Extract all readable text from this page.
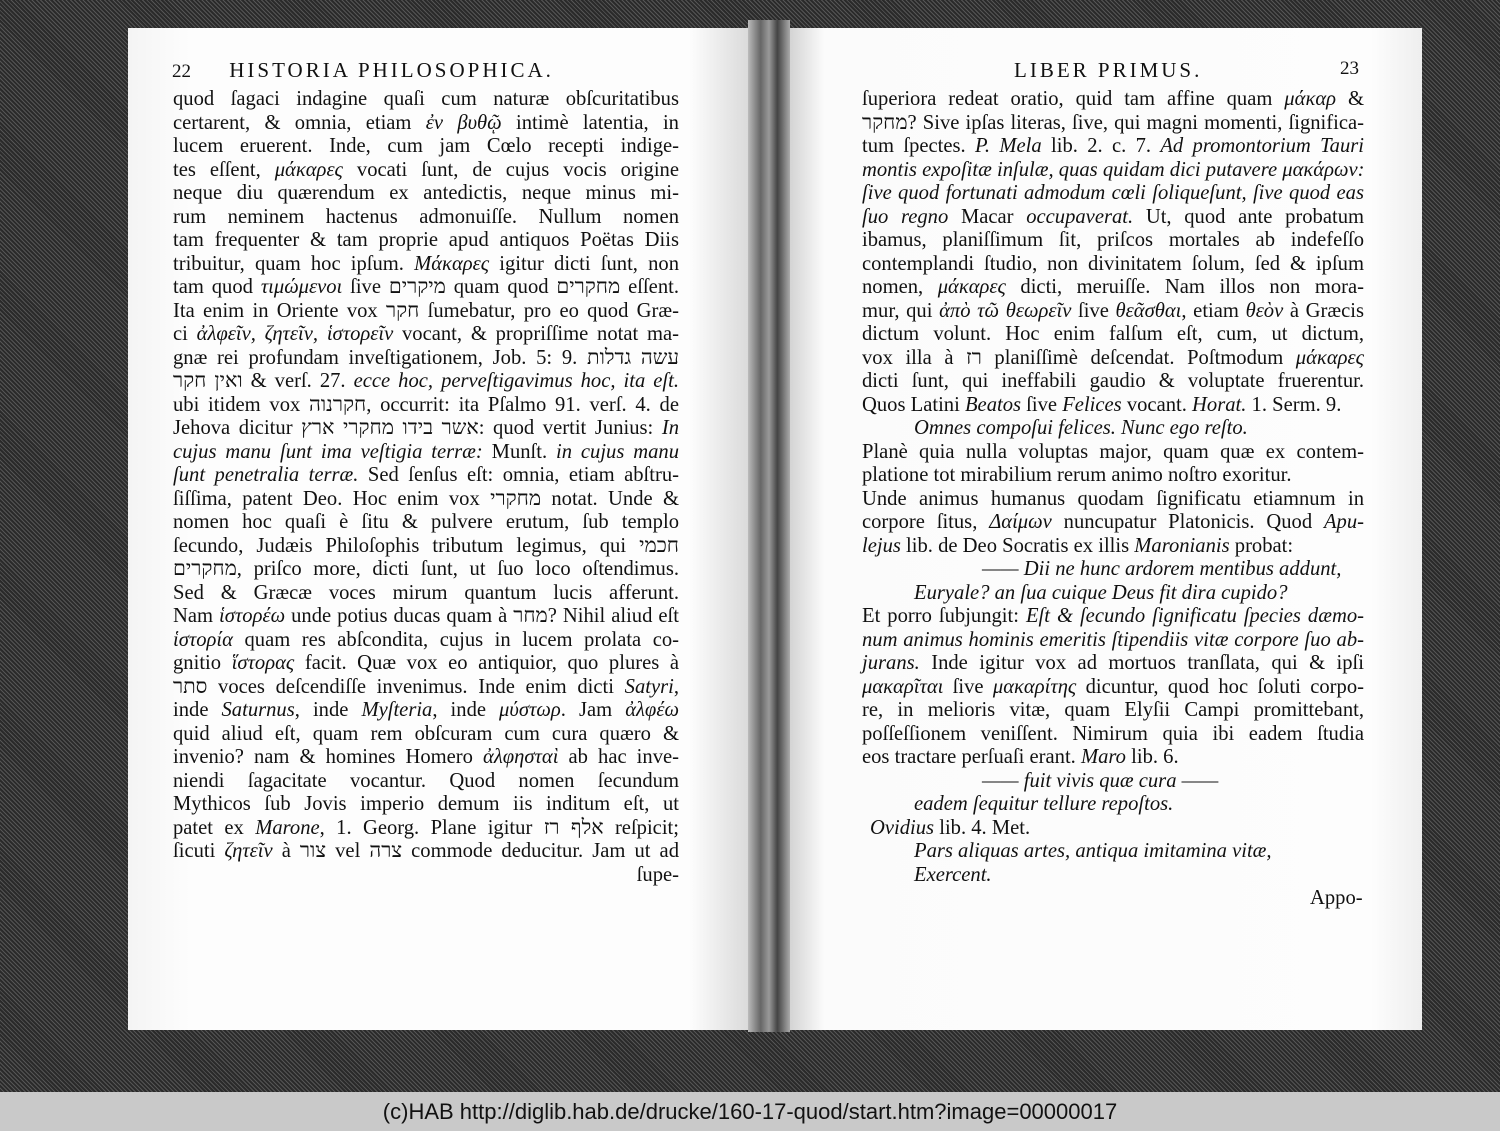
22 HISTORIA PHILOSOPHICA.	LIBER PRIMUS.	23
quod ſagaci indagine quaſi cum naturæ obſcuritatibus
certarent, & omnia, etiam ἐν βυθῷ intimè latentia, in
lucem eruerent. Inde, cum jam Cœlo recepti indige-
tes eſſent, μάκαρες vocati ſunt, de cujus vocis origine
neque diu quærendum ex antedictis, neque minus mi-
rum neminem hactenus admonuiſſe. Nullum nomen
tam frequenter & tam proprie apud antiquos Poëtas Diis
tribuitur, quam hoc ipſum. Μάκαρες igitur dicti ſunt, non
tam quod τιμώμενοι ſive מיקרים quam quod מחקרים eſſent.
Ita enim in Oriente vox חקר ſumebatur, pro eo quod Græ-
ci ἀλφεῖν, ζητεῖν, ἱστορεῖν vocant, & propriſſime notat ma-
gnæ rei profundam inveſtigationem, Job. 5: 9. עשה גדלות
ואין חקר & verſ. 27. ecce hoc, perveſtigavimus hoc, ita eſt.
ubi itidem vox חקרנוה, occurrit: ita Pſalmo 91. verſ. 4. de
Jehova dicitur אשר בידו מחקרי ארץ: quod vertit Junius: In
cujus manu ſunt ima veſtigia terræ: Munſt. in cujus manu
ſunt penetralia terræ. Sed ſenſus eſt: omnia, etiam abſtru-
ſiſſima, patent Deo. Hoc enim vox מחקרי notat. Unde &
nomen hoc quaſi è ſitu & pulvere erutum, ſub templo
ſecundo, Judæis Philoſophis tributum legimus, qui חכמי
מחקרים, priſco more, dicti ſunt, ut ſuo loco oſtendimus.
Sed & Græcæ voces mirum quantum lucis afferunt.
Nam ἱστορέω unde potius ducas quam à מחר? Nihil aliud eſt
ἱστορία quam res abſcondita, cujus in lucem prolata co-
gnitio ἵστορας facit. Quæ vox eo antiquior, quo plures à
סתר voces deſcendiſſe invenimus. Inde enim dicti Satyri,
inde Saturnus, inde Myſteria, inde μύστωρ. Jam ἀλφέω
quid aliud eſt, quam rem obſcuram cum cura quæro &
invenio? nam & homines Homero ἀλφησταὶ ab hac inve-
niendi ſagacitate vocantur. Quod nomen ſecundum
Mythicos ſub Jovis imperio demum iis inditum eſt, ut
patet ex Marone, 1. Georg. Plane igitur אלף רז reſpicit;
ſicuti ζητεῖν à צור vel צרה commode deducitur. Jam ut ad
ſupe-
ſuperiora redeat oratio, quid tam affine quam μάκαρ &
מחקר? Sive ipſas literas, ſive, qui magni momenti, ſignifica-
tum ſpectes. P. Mela lib. 2. c. 7. Ad promontorium Tauri
montis expoſitæ inſulæ, quas quidam dici putavere μακάρων:
ſive quod fortunati admodum cœli ſoliqueſunt, ſive quod eas
ſuo regno Macar occupaverat. Ut, quod ante probatum
ibamus, planiſſimum ſit, priſcos mortales ab indefeſſo
contemplandi ſtudio, non divinitatem ſolum, ſed & ipſum
nomen, μάκαρες dicti, meruiſſe. Nam illos non mora-
mur, qui ἀπὸ τῶ θεωρεῖν ſive θεᾶσθαι, etiam θεὸν à Græcis
dictum volunt. Hoc enim falſum eſt, cum, ut dictum,
vox illa à רז planiſſimè deſcendat. Poſtmodum μάκαρες
dicti ſunt, qui ineffabili gaudio & voluptate fruerentur.
Quos Latini Beatos ſive Felices vocant. Horat. 1. Serm. 9.
Omnes compoſui felices. Nunc ego reſto.
Planè quia nulla voluptas major, quam quæ ex contem-
platione tot mirabilium rerum animo noſtro exoritur.
Unde animus humanus quodam ſignificatu etiamnum in
corpore ſitus, Δαίμων nuncupatur Platonicis. Quod Apu-
lejus lib. de Deo Socratis ex illis Maronianis probat:
—— Dii ne hunc ardorem mentibus addunt,
Euryale? an ſua cuique Deus fit dira cupido?
Et porro ſubjungit: Eſt & ſecundo ſignificatu ſpecies dæmo-
num animus hominis emeritis ſtipendiis vitæ corpore ſuo ab-
jurans. Inde igitur vox ad mortuos tranſlata, qui & ipſi
μακαρῖται ſive μακαρίτης dicuntur, quod hoc ſoluti corpo-
re, in melioris vitæ, quam Elyſii Campi promittebant,
poſſeſſionem veniſſent. Nimirum quia ibi eadem ſtudia
eos tractare perſuaſi erant. Maro lib. 6.
—— fuit vivis quæ cura ——
eadem ſequitur tellure repoſtos.
Ovidius lib. 4. Met.
Pars aliquas artes, antiqua imitamina vitæ,
Exercent.
Appo-
(c)HAB http://diglib.hab.de/drucke/160-17-quod/start.htm?image=00000017
